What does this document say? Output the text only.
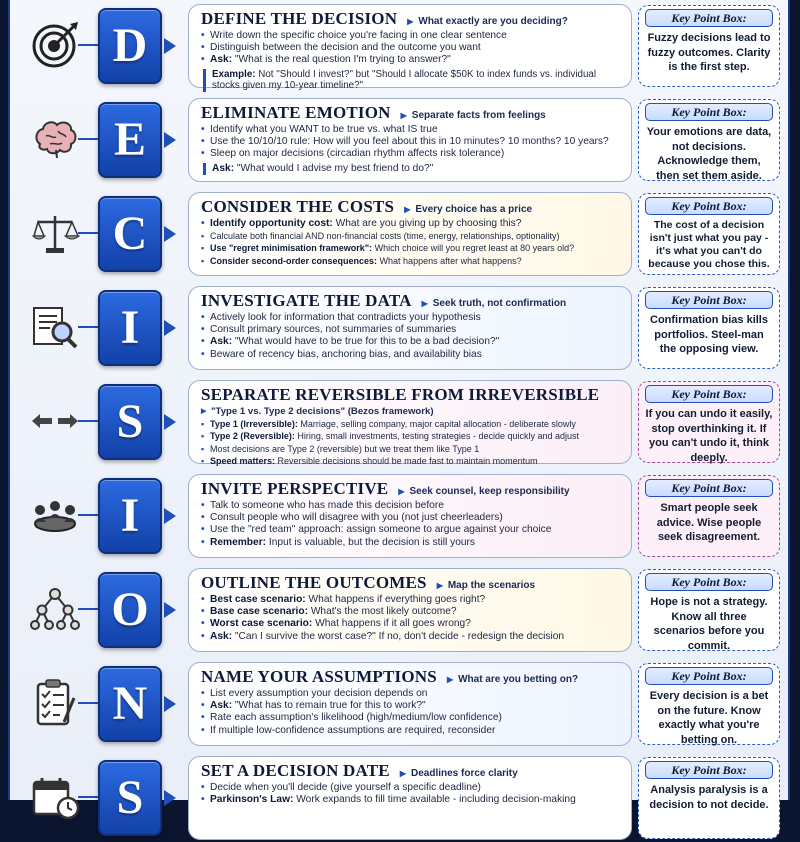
D
DEFINE THE DECISION	▶ What exactly are you deciding?
• Write down the specific choice you're facing in one clear sentence
• Distinguish between the decision and the outcome you want
• Ask: "What is the real question I'm trying to answer?"
Example: Not "Should I invest?" but "Should I allocate $50K to index funds vs. individual stocks given my 10-year timeline?"
Key Point Box:
Fuzzy decisions lead to fuzzy outcomes. Clarity is the first step.
E
ELIMINATE EMOTION	▶ Separate facts from feelings
• Identify what you WANT to be true vs. what IS true
• Use the 10/10/10 rule: How will you feel about this in 10 minutes? 10 months? 10 years?
• Sleep on major decisions (circadian rhythm affects risk tolerance)
Ask: "What would I advise my best friend to do?"
Key Point Box:
Your emotions are data, not decisions. Acknowledge them, then set them aside.
C
CONSIDER THE COSTS	▶ Every choice has a price
• Identify opportunity cost: What are you giving up by choosing this?
• Calculate both financial AND non-financial costs (time, energy, relationships, optionality)
• Use "regret minimisation framework": Which choice will you regret least at 80 years old?
• Consider second-order consequences: What happens after what happens?
Key Point Box:
The cost of a decision isn't just what you pay - it's what you can't do because you chose this.
I
INVESTIGATE THE DATA	▶ Seek truth, not confirmation
• Actively look for information that contradicts your hypothesis
• Consult primary sources, not summaries of summaries
• Ask: "What would have to be true for this to be a bad decision?"
• Beware of recency bias, anchoring bias, and availability bias
Key Point Box:
Confirmation bias kills portfolios. Steel-man the opposing view.
S
SEPARATE REVERSIBLE FROM IRREVERSIBLE
▶ "Type 1 vs. Type 2 decisions" (Bezos framework)
• Type 1 (Irreversible): Marriage, selling company, major capital allocation - deliberate slowly
• Type 2 (Reversible): Hiring, small investments, testing strategies - decide quickly and adjust
• Most decisions are Type 2 (reversible) but we treat them like Type 1
• Speed matters: Reversible decisions should be made fast to maintain momentum
Key Point Box:
If you can undo it easily, stop overthinking it. If you can't undo it, think deeply.
I
INVITE PERSPECTIVE	▶ Seek counsel, keep responsibility
• Talk to someone who has made this decision before
• Consult people who will disagree with you (not just cheerleaders)
• Use the "red team" approach: assign someone to argue against your choice
• Remember: Input is valuable, but the decision is still yours
Key Point Box:
Smart people seek advice. Wise people seek disagreement.
O
OUTLINE THE OUTCOMES	▶ Map the scenarios
• Best case scenario: What happens if everything goes right?
• Base case scenario: What's the most likely outcome?
• Worst case scenario: What happens if it all goes wrong?
• Ask: "Can I survive the worst case?" If no, don't decide - redesign the decision
Key Point Box:
Hope is not a strategy. Know all three scenarios before you commit.
N
NAME YOUR ASSUMPTIONS	▶ What are you betting on?
• List every assumption your decision depends on
• Ask: "What has to remain true for this to work?"
• Rate each assumption's likelihood (high/medium/low confidence)
• If multiple low-confidence assumptions are required, reconsider
Key Point Box:
Every decision is a bet on the future. Know exactly what you're betting on.
S
SET A DECISION DATE	▶ Deadlines force clarity
• Decide when you'll decide (give yourself a specific deadline)
• Parkinson's Law: Work expands to fill time available - including decision-making
Key Point Box:
Analysis paralysis is a decision to not decide.
